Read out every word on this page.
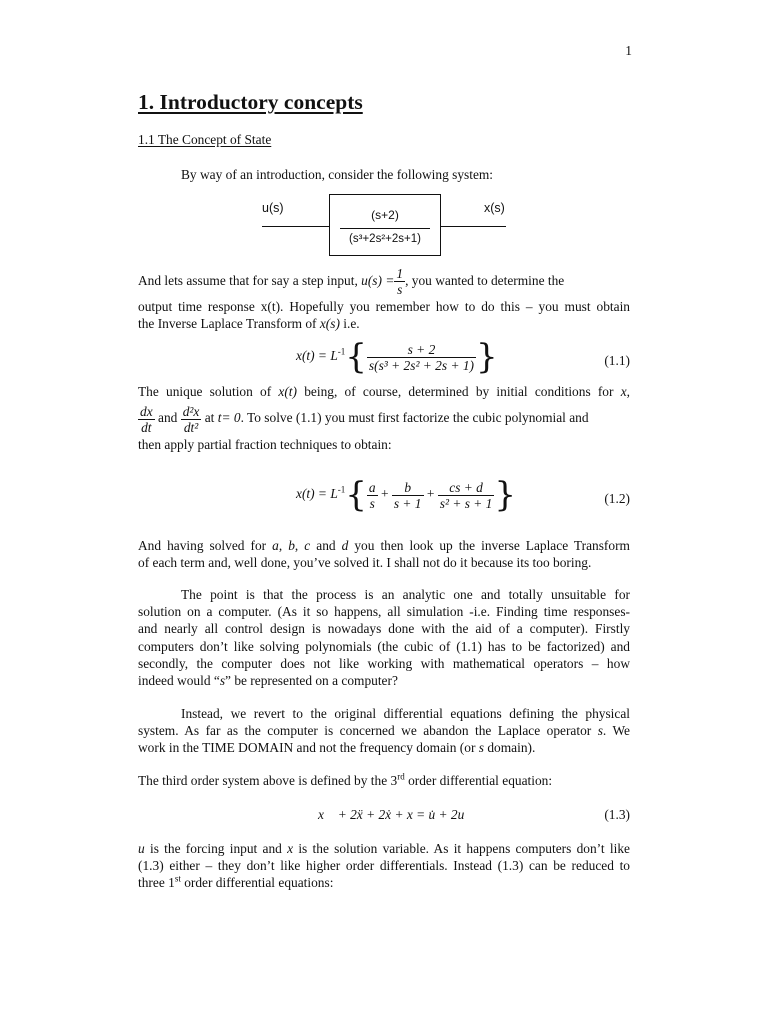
1
1. Introductory concepts
1.1 The Concept of State
By way of an introduction, consider the following system:
u(s)	x(s)
(s+2)
(s³+2s²+2s+1)
And lets assume that for say a step input, $u(s) = \frac{1}{s}$ , you wanted to determine the
output time response x(t). Hopefully you remember how to do this – you must obtain
the Inverse Laplace Transform of x(s) i.e.
$x(t) = L^{-1}\{ \frac{s + 2}{\text{s(s³ + 2s² + 2s + 1)}}$ }	(1.1)
The unique solution of x(t) being, of course, determined by initial conditions for x,
$\frac{dx}{dt}$ and $\frac{\text{d²x}}{\text{dt²}}$ at t= 0. To solve (1.1) you must first factorize the cubic polynomial and
then apply partial fraction techniques to obtain:
$x(t) = L^{-1}\{ \frac{a}{s} + \frac{b}{s + 1} + \frac{cs + d}{\text{s² + s + 1}}$ }	(1.2)
And having solved for a, b, c and d you then look up the inverse Laplace Transform
of each term and, well done, you’ve solved it. I shall not do it because its too boring.
The point is that the process is an analytic one and totally unsuitable for
solution on a computer. (As it so happens, all simulation -i.e. Finding time responses-
and nearly all control design is nowadays done with the aid of a computer). Firstly
computers don’t like solving polynomials (the cubic of (1.1) has to be factorized) and
secondly, the computer does not like working with mathematical operators – how
indeed would “s” be represented on a computer?
Instead, we revert to the original differential equations defining the physical
system. As far as the computer is concerned we abandon the Laplace operator s. We
work in the TIME DOMAIN and not the frequency domain (or s domain).
The third order system above is defined by the 3rd order differential equation:
x⃛ + 2ẍ + 2ẋ + x = u̇ + 2u	(1.3)
u is the forcing input and x is the solution variable. As it happens computers don’t like
(1.3) either – they don’t like higher order differentials. Instead (1.3) can be reduced to
three 1st order differential equations:
